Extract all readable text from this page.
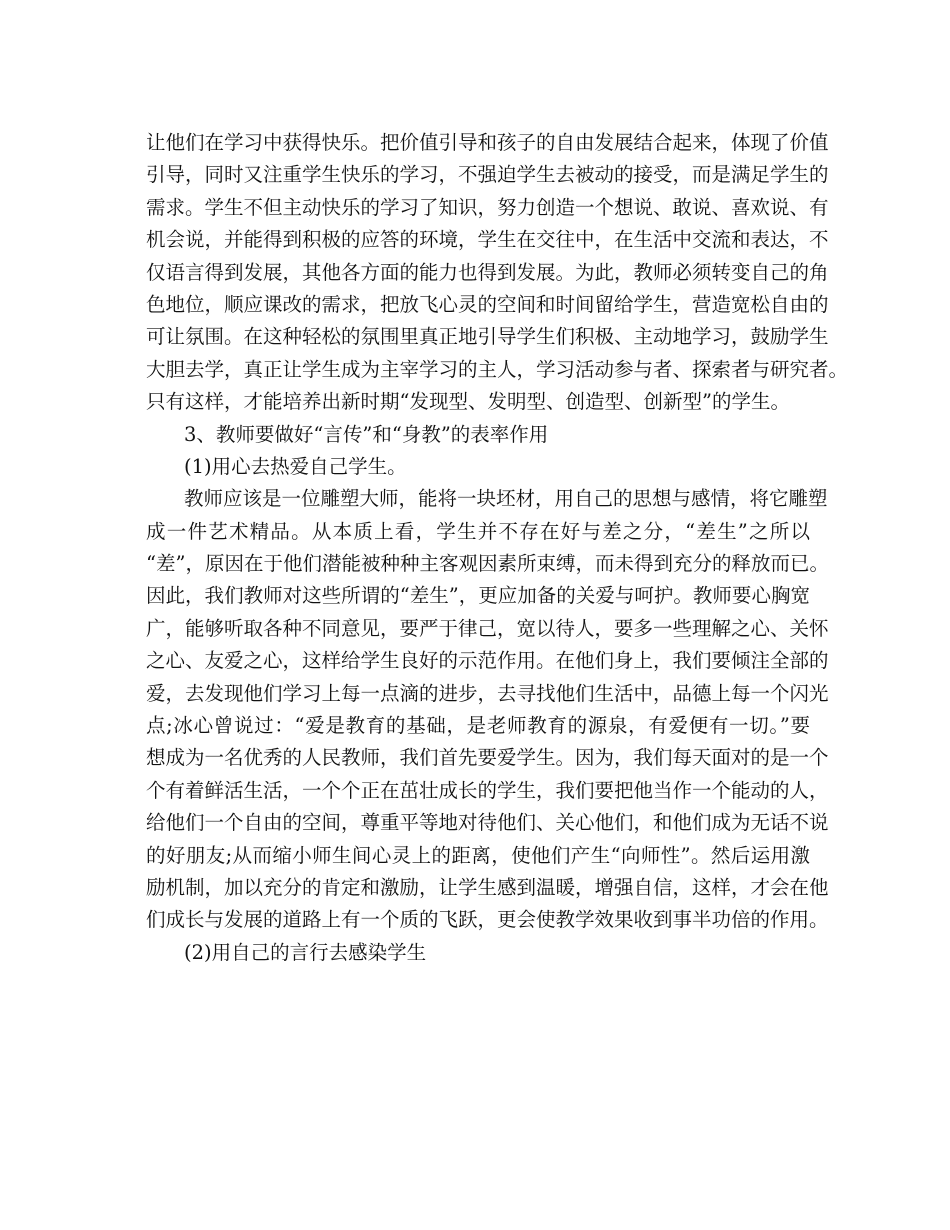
让他们在学习中获得快乐。把价值引导和孩子的自由发展结合起来，体现了价值
引导，同时又注重学生快乐的学习，不强迫学生去被动的接受，而是满足学生的
需求。学生不但主动快乐的学习了知识，努力创造一个想说、敢说、喜欢说、有
机会说，并能得到积极的应答的环境，学生在交往中，在生活中交流和表达，不
仅语言得到发展，其他各方面的能力也得到发展。为此，教师必须转变自己的角
色地位，顺应课改的需求，把放飞心灵的空间和时间留给学生，营造宽松自由的
可让氛围。在这种轻松的氛围里真正地引导学生们积极、主动地学习，鼓励学生
大胆去学，真正让学生成为主宰学习的主人，学习活动参与者、探索者与研究者。
只有这样，才能培养出新时期“发现型、发明型、创造型、创新型”的学生。
3、教师要做好“言传”和“身教”的表率作用
(1)用心去热爱自己学生。
教师应该是一位雕塑大师，能将一块坯材，用自己的思想与感情，将它雕塑
成一件艺术精品。从本质上看，学生并不存在好与差之分，“差生”之所以
“差”，原因在于他们潜能被种种主客观因素所束缚，而未得到充分的释放而已。
因此，我们教师对这些所谓的“差生”，更应加备的关爱与呵护。教师要心胸宽
广，能够听取各种不同意见，要严于律己，宽以待人，要多一些理解之心、关怀
之心、友爱之心，这样给学生良好的示范作用。在他们身上，我们要倾注全部的
爱，去发现他们学习上每一点滴的进步，去寻找他们生活中，品德上每一个闪光
点;冰心曾说过：“爱是教育的基础，是老师教育的源泉，有爱便有一切。”要
想成为一名优秀的人民教师，我们首先要爱学生。因为，我们每天面对的是一个
个有着鲜活生活，一个个正在茁壮成长的学生，我们要把他当作一个能动的人，
给他们一个自由的空间，尊重平等地对待他们、关心他们，和他们成为无话不说
的好朋友;从而缩小师生间心灵上的距离，使他们产生“向师性”。然后运用激
励机制，加以充分的肯定和激励，让学生感到温暖，增强自信，这样，才会在他
们成长与发展的道路上有一个质的飞跃，更会使教学效果收到事半功倍的作用。
(2)用自己的言行去感染学生
